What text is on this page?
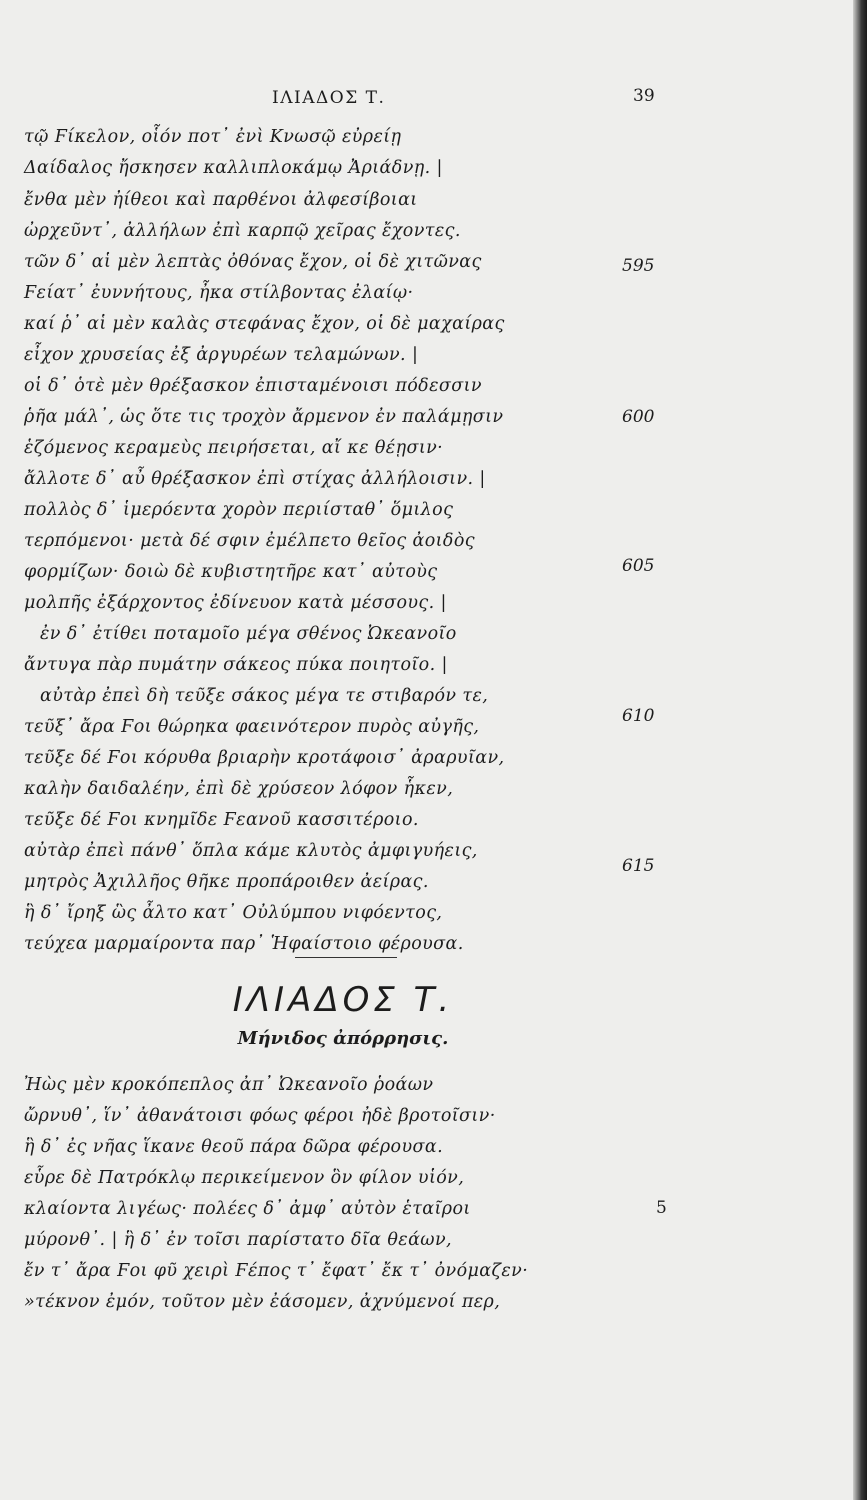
ΙΛΙΑΔΟΣ Τ.	39
τῷ Ϝίκελον, οἷόν ποτ᾽ ἐνὶ Κνωσῷ εὐρείῃ
Δαίδαλος ἤσκησεν καλλιπλοκάμῳ Ἀριάδνῃ. |
ἔνθα μὲν ἠίθεοι καὶ παρθένοι ἀλφεσίβοιαι
ὠρχεῦντ᾽, ἀλλήλων ἐπὶ καρπῷ χεῖρας ἔχοντες.
τῶν δ᾽ αἱ μὲν λεπτὰς ὀθόνας ἔχον, οἱ δὲ χιτῶνας
Ϝείατ᾽ ἐυννήτους, ἦκα στίλβοντας ἐλαίῳ·
καί ῥ᾽ αἱ μὲν καλὰς στεφάνας ἔχον, οἱ δὲ μαχαίρας
εἶχον χρυσείας ἐξ ἀργυρέων τελαμώνων. |
οἱ δ᾽ ὁτὲ μὲν θρέξασκον ἐπισταμένοισι πόδεσσιν
ῥῆα μάλ᾽, ὡς ὅτε τις τροχὸν ἄρμενον ἐν παλάμῃσιν
ἑζόμενος κεραμεὺς πειρήσεται, αἴ κε θέῃσιν·
ἄλλοτε δ᾽ αὖ θρέξασκον ἐπὶ στίχας ἀλλήλοισιν. |
πολλὸς δ᾽ ἱμερόεντα χορὸν περιίσταθ᾽ ὅμιλος
τερπόμενοι· μετὰ δέ σφιν ἐμέλπετο θεῖος ἀοιδὸς
φορμίζων· δοιὼ δὲ κυβιστητῆρε κατ᾽ αὐτοὺς
μολπῆς ἐξάρχοντος ἐδίνευον κατὰ μέσσους. |
ἐν δ᾽ ἐτίθει ποταμοῖο μέγα σθένος Ὠκεανοῖο
ἄντυγα πὰρ πυμάτην σάκεος πύκα ποιητοῖο. |
αὐτὰρ ἐπεὶ δὴ τεῦξε σάκος μέγα τε στιβαρόν τε,
τεῦξ᾽ ἄρα Ϝοι θώρηκα φαεινότερον πυρὸς αὐγῆς,
τεῦξε δέ Ϝοι κόρυθα βριαρὴν κροτάφοισ᾽ ἀραρυῖαν,
καλὴν δαιδαλέην, ἐπὶ δὲ χρύσεον λόφον ἧκεν,
τεῦξε δέ Ϝοι κνημῖδε Ϝεανοῦ κασσιτέροιο.
αὐτὰρ ἐπεὶ πάνθ᾽ ὅπλα κάμε κλυτὸς ἀμφιγυήεις,
μητρὸς Ἀχιλλῆος θῆκε προπάροιθεν ἀείρας.
ἣ δ᾽ ἴρηξ ὣς ἆλτο κατ᾽ Οὐλύμπου νιφόεντος,
τεύχεα μαρμαίροντα παρ᾽ Ἡφαίστοιο φέρουσα.
595
600
605
610
615
ΙΛΙΑΔΟΣ Τ.
Μήνιδος ἀπόρρησις.
Ἠὼς μὲν κροκόπεπλος ἀπ᾽ Ὠκεανοῖο ῥοάων
ὤρνυθ᾽, ἵν᾽ ἀθανάτοισι φόως φέροι ἠδὲ βροτοῖσιν·
ἣ δ᾽ ἐς νῆας ἵκανε θεοῦ πάρα δῶρα φέρουσα.
εὗρε δὲ Πατρόκλῳ περικείμενον ὃν φίλον υἱόν,
κλαίοντα λιγέως· πολέες δ᾽ ἀμφ᾽ αὐτὸν ἑταῖροι
μύρονθ᾽. | ἣ δ᾽ ἐν τοῖσι παρίστατο δῖα θεάων,
ἔν τ᾽ ἄρα Ϝοι φῦ χειρὶ Ϝέπος τ᾽ ἔφατ᾽ ἔκ τ᾽ ὀνόμαζεν·
»τέκνον ἐμόν, τοῦτον μὲν ἐάσομεν, ἀχνύμενοί περ,
5
